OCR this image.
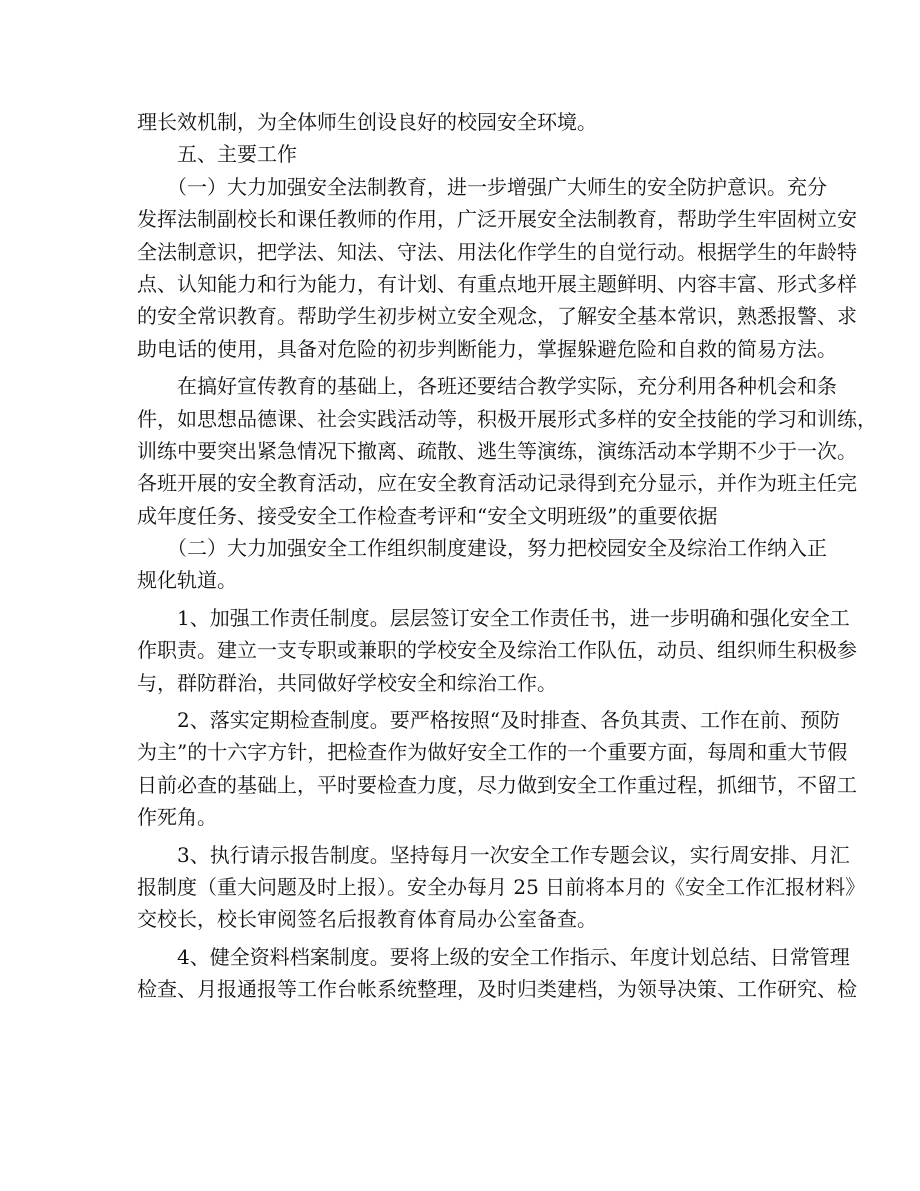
理长效机制，为全体师生创设良好的校园安全环境。
五、主要工作
（一）大力加强安全法制教育，进一步增强广大师生的安全防护意识。充分
发挥法制副校长和课任教师的作用，广泛开展安全法制教育，帮助学生牢固树立安
全法制意识，把学法、知法、守法、用法化作学生的自觉行动。根据学生的年龄特
点、认知能力和行为能力，有计划、有重点地开展主题鲜明、内容丰富、形式多样
的安全常识教育。帮助学生初步树立安全观念，了解安全基本常识，熟悉报警、求
助电话的使用，具备对危险的初步判断能力，掌握躲避危险和自救的简易方法。
在搞好宣传教育的基础上，各班还要结合教学实际，充分利用各种机会和条
件，如思想品德课、社会实践活动等，积极开展形式多样的安全技能的学习和训练，
训练中要突出紧急情况下撤离、疏散、逃生等演练，演练活动本学期不少于一次。
各班开展的安全教育活动，应在安全教育活动记录得到充分显示，并作为班主任完
成年度任务、接受安全工作检查考评和“安全文明班级”的重要依据
（二）大力加强安全工作组织制度建设，努力把校园安全及综治工作纳入正
规化轨道。
1、加强工作责任制度。层层签订安全工作责任书，进一步明确和强化安全工
作职责。建立一支专职或兼职的学校安全及综治工作队伍，动员、组织师生积极参
与，群防群治，共同做好学校安全和综治工作。
2、落实定期检查制度。要严格按照“及时排查、各负其责、工作在前、预防
为主”的十六字方针，把检查作为做好安全工作的一个重要方面，每周和重大节假
日前必查的基础上，平时要检查力度，尽力做到安全工作重过程，抓细节，不留工
作死角。
3、执行请示报告制度。坚持每月一次安全工作专题会议，实行周安排、月汇
报制度（重大问题及时上报）。安全办每月 25 日前将本月的《安全工作汇报材料》
交校长，校长审阅签名后报教育体育局办公室备查。
4、健全资料档案制度。要将上级的安全工作指示、年度计划总结、日常管理
检查、月报通报等工作台帐系统整理，及时归类建档，为领导决策、工作研究、检
